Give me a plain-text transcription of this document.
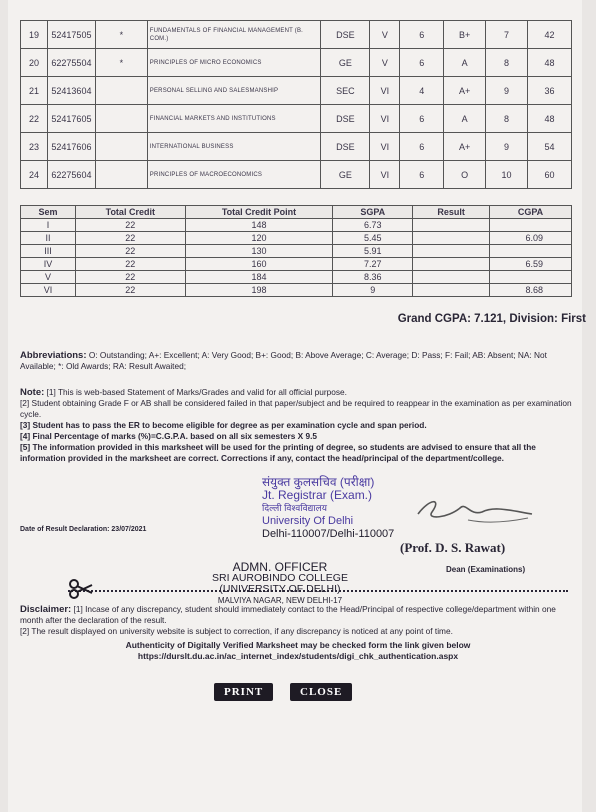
19	52417505	*	FUNDAMENTALS OF FINANCIAL MANAGEMENT (B. COM.)	DSE	V	6	B+	7	42
20	62275504	*	PRINCIPLES OF MICRO ECONOMICS	GE	V	6	A	8	48
21	52413604		PERSONAL SELLING AND SALESMANSHIP	SEC	VI	4	A+	9	36
22	52417605		FINANCIAL MARKETS AND INSTITUTIONS	DSE	VI	6	A	8	48
23	52417606		INTERNATIONAL BUSINESS	DSE	VI	6	A+	9	54
24	62275604		PRINCIPLES OF MACROECONOMICS	GE	VI	6	O	10	60
Sem	Total Credit	Total Credit Point	SGPA	Result	CGPA
I	22	148	6.73		
II	22	120	5.45		6.09
III	22	130	5.91		
IV	22	160	7.27		6.59
V	22	184	8.36		
VI	22	198	9		8.68
Grand CGPA: 7.121, Division: First
Abbreviations: O: Outstanding; A+: Excellent; A: Very Good; B+: Good; B: Above Average; C: Average; D: Pass; F: Fail; AB: Absent; NA: Not Available; *: Old Awards; RA: Result Awaited;
Note: [1] This is web-based Statement of Marks/Grades and valid for all official purpose.
[2] Student obtaining Grade F or AB shall be considered failed in that paper/subject and be required to reappear in the examination as per examination cycle.
[3] Student has to pass the ER to become eligible for degree as per examination cycle and span period.
[4] Final Percentage of marks (%)=C.G.P.A. based on all six semesters X 9.5
[5] The information provided in this marksheet will be used for the printing of degree, so students are advised to ensure that all the information provided in the marksheet are correct. Corrections if any, contact the head/principal of the department/college.
संयुक्त कुलसचिव (परीक्षा)
Jt. Registrar (Exam.)
दिल्ली विश्वविद्यालय
University Of Delhi
Delhi-110007/Delhi-110007
Date of Result Declaration: 23/07/2021
(Prof. D. S. Rawat)
Dean (Examinations)
ADMN. OFFICER
SRI AUROBINDO COLLEGE
(UNIVERSITY OF DELHI)
MALVIYA NAGAR, NEW DELHI-17
Disclaimer: [1] Incase of any discrepancy, student should immediately contact to the Head/Principal of respective college/department within one month after the declaration of the result.
[2] The result displayed on university website is subject to correction, if any discrepancy is noticed at any point of time.
Authenticity of Digitally Verified Marksheet may be checked form the link given below
https://durslt.du.ac.in/ac_internet_index/students/digi_chk_authentication.aspx
PRINT	CLOSE
